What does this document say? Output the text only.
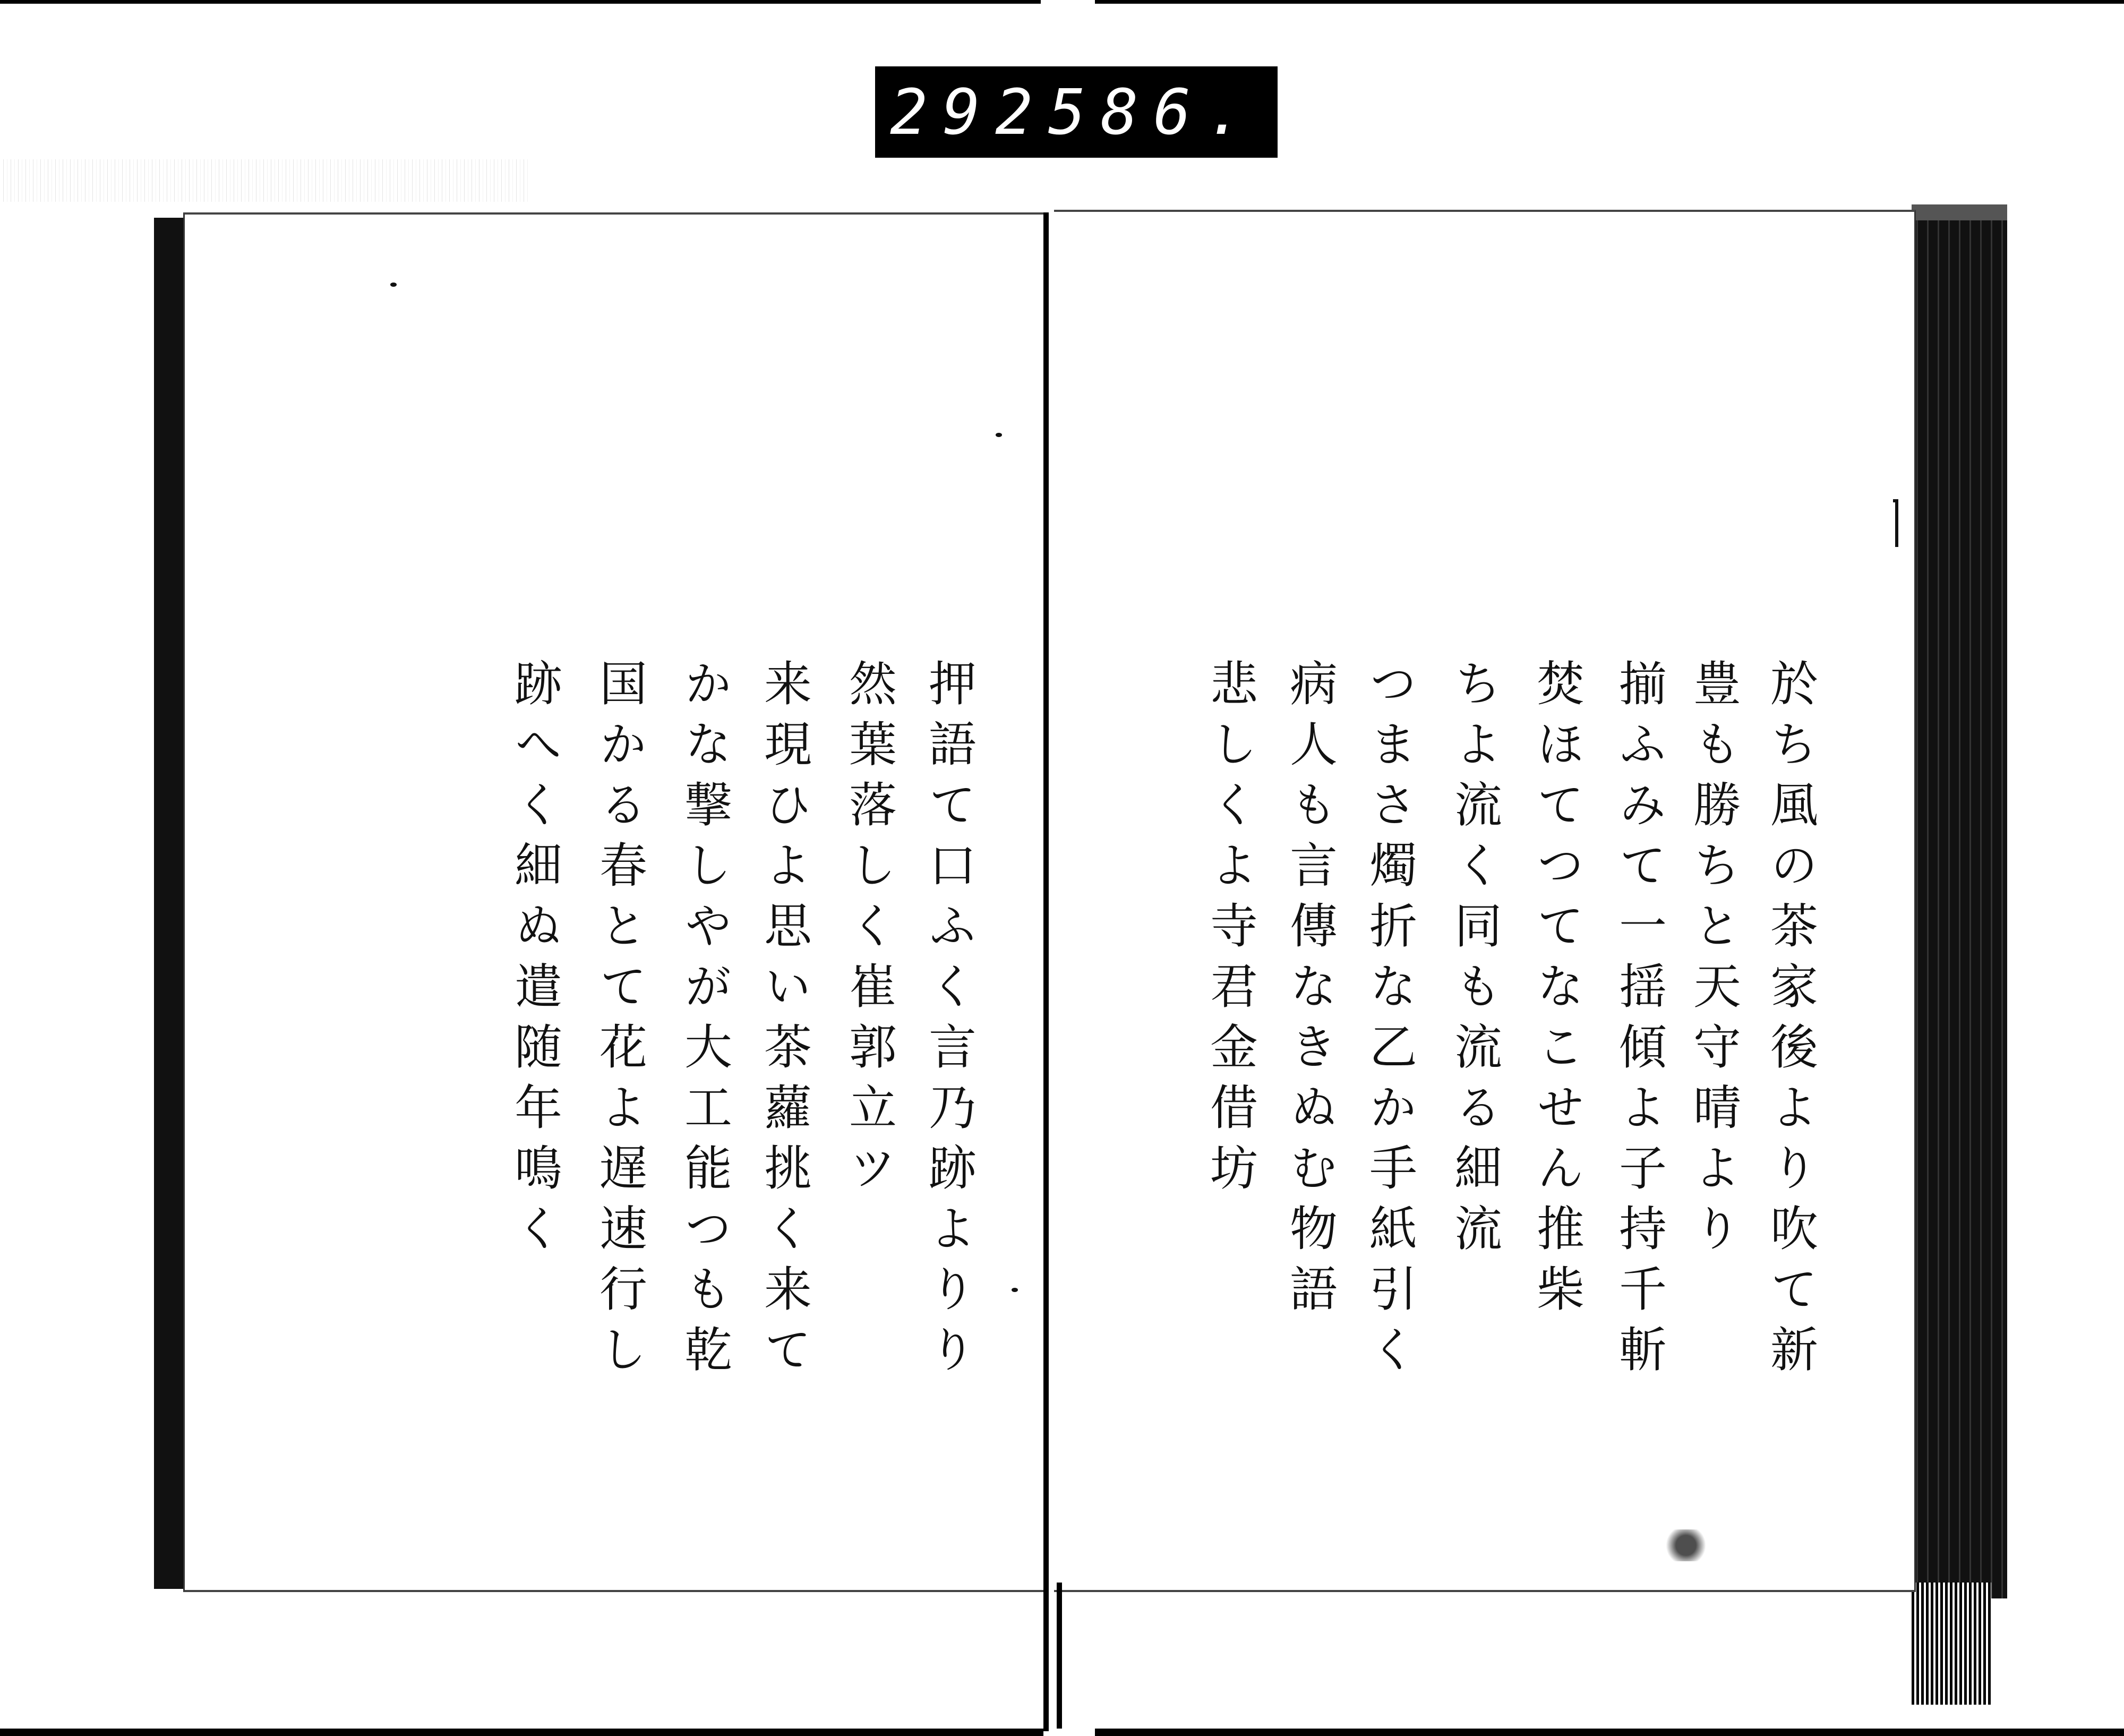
292 586.
於ち風の茶家後より吹て新
豊も勝ちと天守晴より
揃ふみて一揺傾よ子持千斬
焚ほてつてなこせん推柴
ちよ流く同も流る細流
つまさ燭折な乙か手紙引く
病人も言傳なきぬむ物語
悲しくよ寺君金借坊
押語て口ふく言乃跡よりり
然葉落しく崔郭立ツ
来現ひよ思い茶蘿挑く来て
かな撃しやが大工能つも乾
国かる春とて花よ遅速行し
跡へく細ぬ遣随年鳴く
